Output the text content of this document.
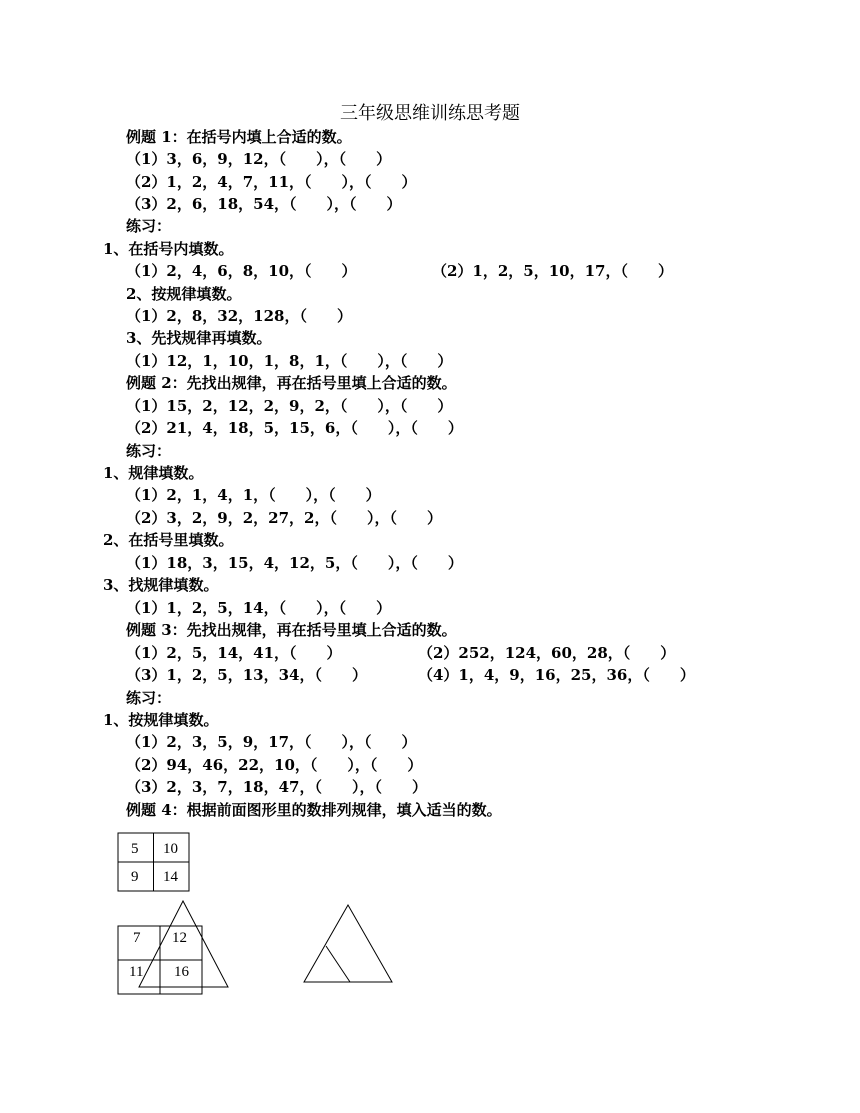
三年级思维训练思考题
例题 1：在括号内填上合适的数。
（1）3，6，9，12，（　　），（　　）
（2）1，2，4，7，11，（　　），（　　）
（3）2，6，18，54，（　　），（　　）
练习：
1、在括号内填数。
（1）2，4，6，8，10，（　　）	（2）1，2，5，10，17，（　　）
2、按规律填数。
（1）2，8，32，128，（　　）
3、先找规律再填数。
（1）12，1，10，1，8，1，（　　），（　　）
例题 2：先找出规律，再在括号里填上合适的数。
（1）15，2，12，2，9，2，（　　），（　　）
（2）21，4，18，5，15，6，（　　），（　　）
练习：
1、规律填数。
（1）2，1，4，1，（　　），（　　）
（2）3，2，9，2，27，2，（　　），（　　）
2、在括号里填数。
（1）18，3，15，4，12，5，（　　），（　　）
3、找规律填数。
（1）1，2，5，14，（　　），（　　）
例题 3：先找出规律，再在括号里填上合适的数。
（1）2，5，14，41，（　　）	（2）252，124，60，28，（　　）
（3）1，2，5，13，34，（　　）	（4）1，4，9，16，25，36，（　　）
练习：
1、按规律填数。
（1）2，3，5，9，17，（　　），（　　）
（2）94，46，22，10，（　　），（　　）
（3）2，3，7，18，47，（　　），（　　）
例题 4：根据前面图形里的数排列规律，填入适当的数。
5 10
9 14
7 12
11 16
